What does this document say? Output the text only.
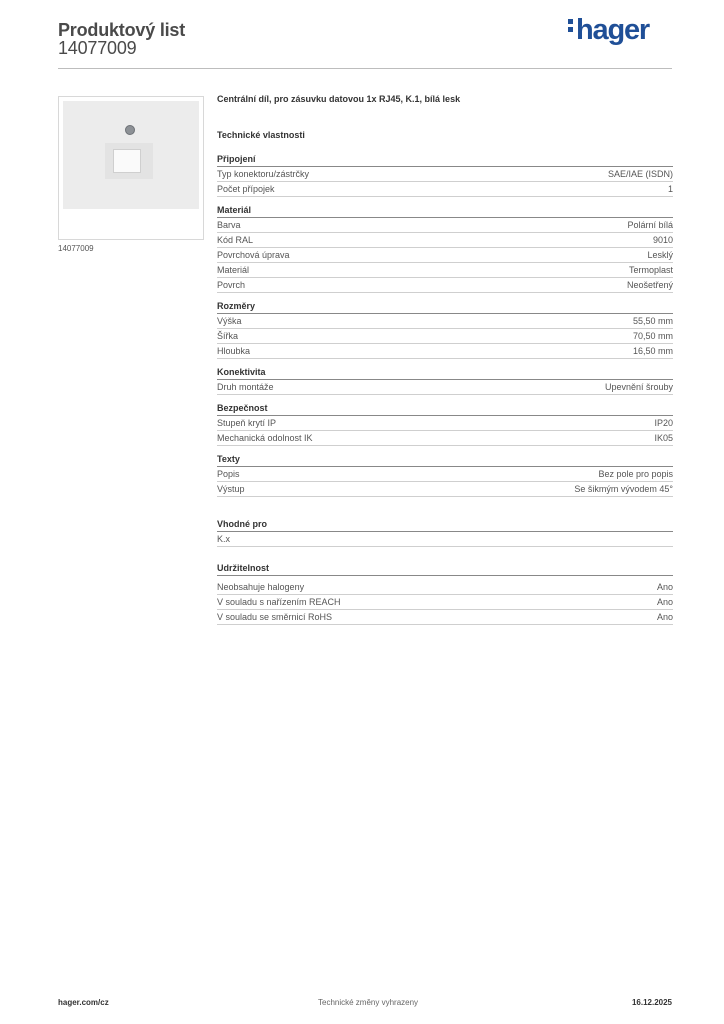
Produktový list
14077009
hager
14077009
Centrální díl, pro zásuvku datovou 1x RJ45, K.1, bílá lesk
Technické vlastnosti
Připojení
Typ konektoru/zástrčky	SAE/IAE (ISDN)
Počet přípojek	1
Materiál
Barva	Polární bílá
Kód RAL	9010
Povrchová úprava	Lesklý
Materiál	Termoplast
Povrch	Neošetřený
Rozměry
Výška	55,50 mm
Šířka	70,50 mm
Hloubka	16,50 mm
Konektivita
Druh montáže	Upevnění šrouby
Bezpečnost
Stupeň krytí IP	IP20
Mechanická odolnost IK	IK05
Texty
Popis	Bez pole pro popis
Výstup	Se šikmým vývodem 45°
Vhodné pro
K.x
Udržitelnost
Neobsahuje halogeny	Ano
V souladu s nařízením REACH	Ano
V souladu se směrnicí RoHS	Ano
hager.com/cz	Technické změny vyhrazeny	16.12.2025
